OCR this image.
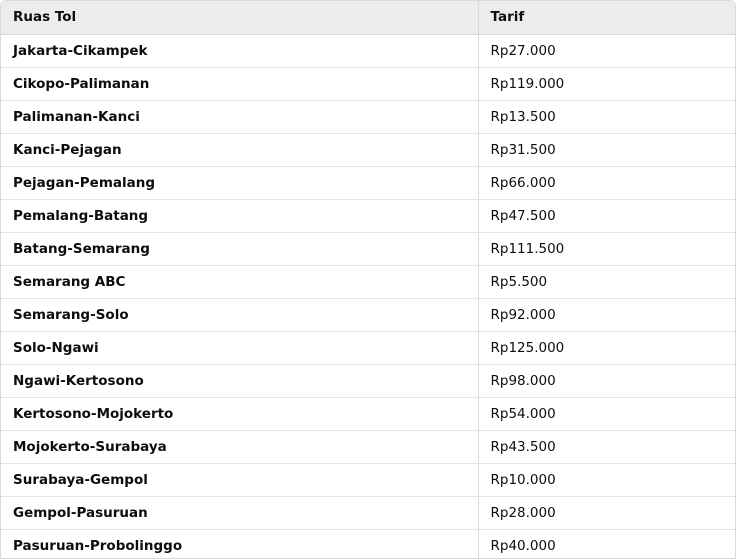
Ruas Tol	Tarif
Jakarta-Cikampek	Rp27.000
Cikopo-Palimanan	Rp119.000
Palimanan-Kanci	Rp13.500
Kanci-Pejagan	Rp31.500
Pejagan-Pemalang	Rp66.000
Pemalang-Batang	Rp47.500
Batang-Semarang	Rp111.500
Semarang ABC	Rp5.500
Semarang-Solo	Rp92.000
Solo-Ngawi	Rp125.000
Ngawi-Kertosono	Rp98.000
Kertosono-Mojokerto	Rp54.000
Mojokerto-Surabaya	Rp43.500
Surabaya-Gempol	Rp10.000
Gempol-Pasuruan	Rp28.000
Pasuruan-Probolinggo	Rp40.000
